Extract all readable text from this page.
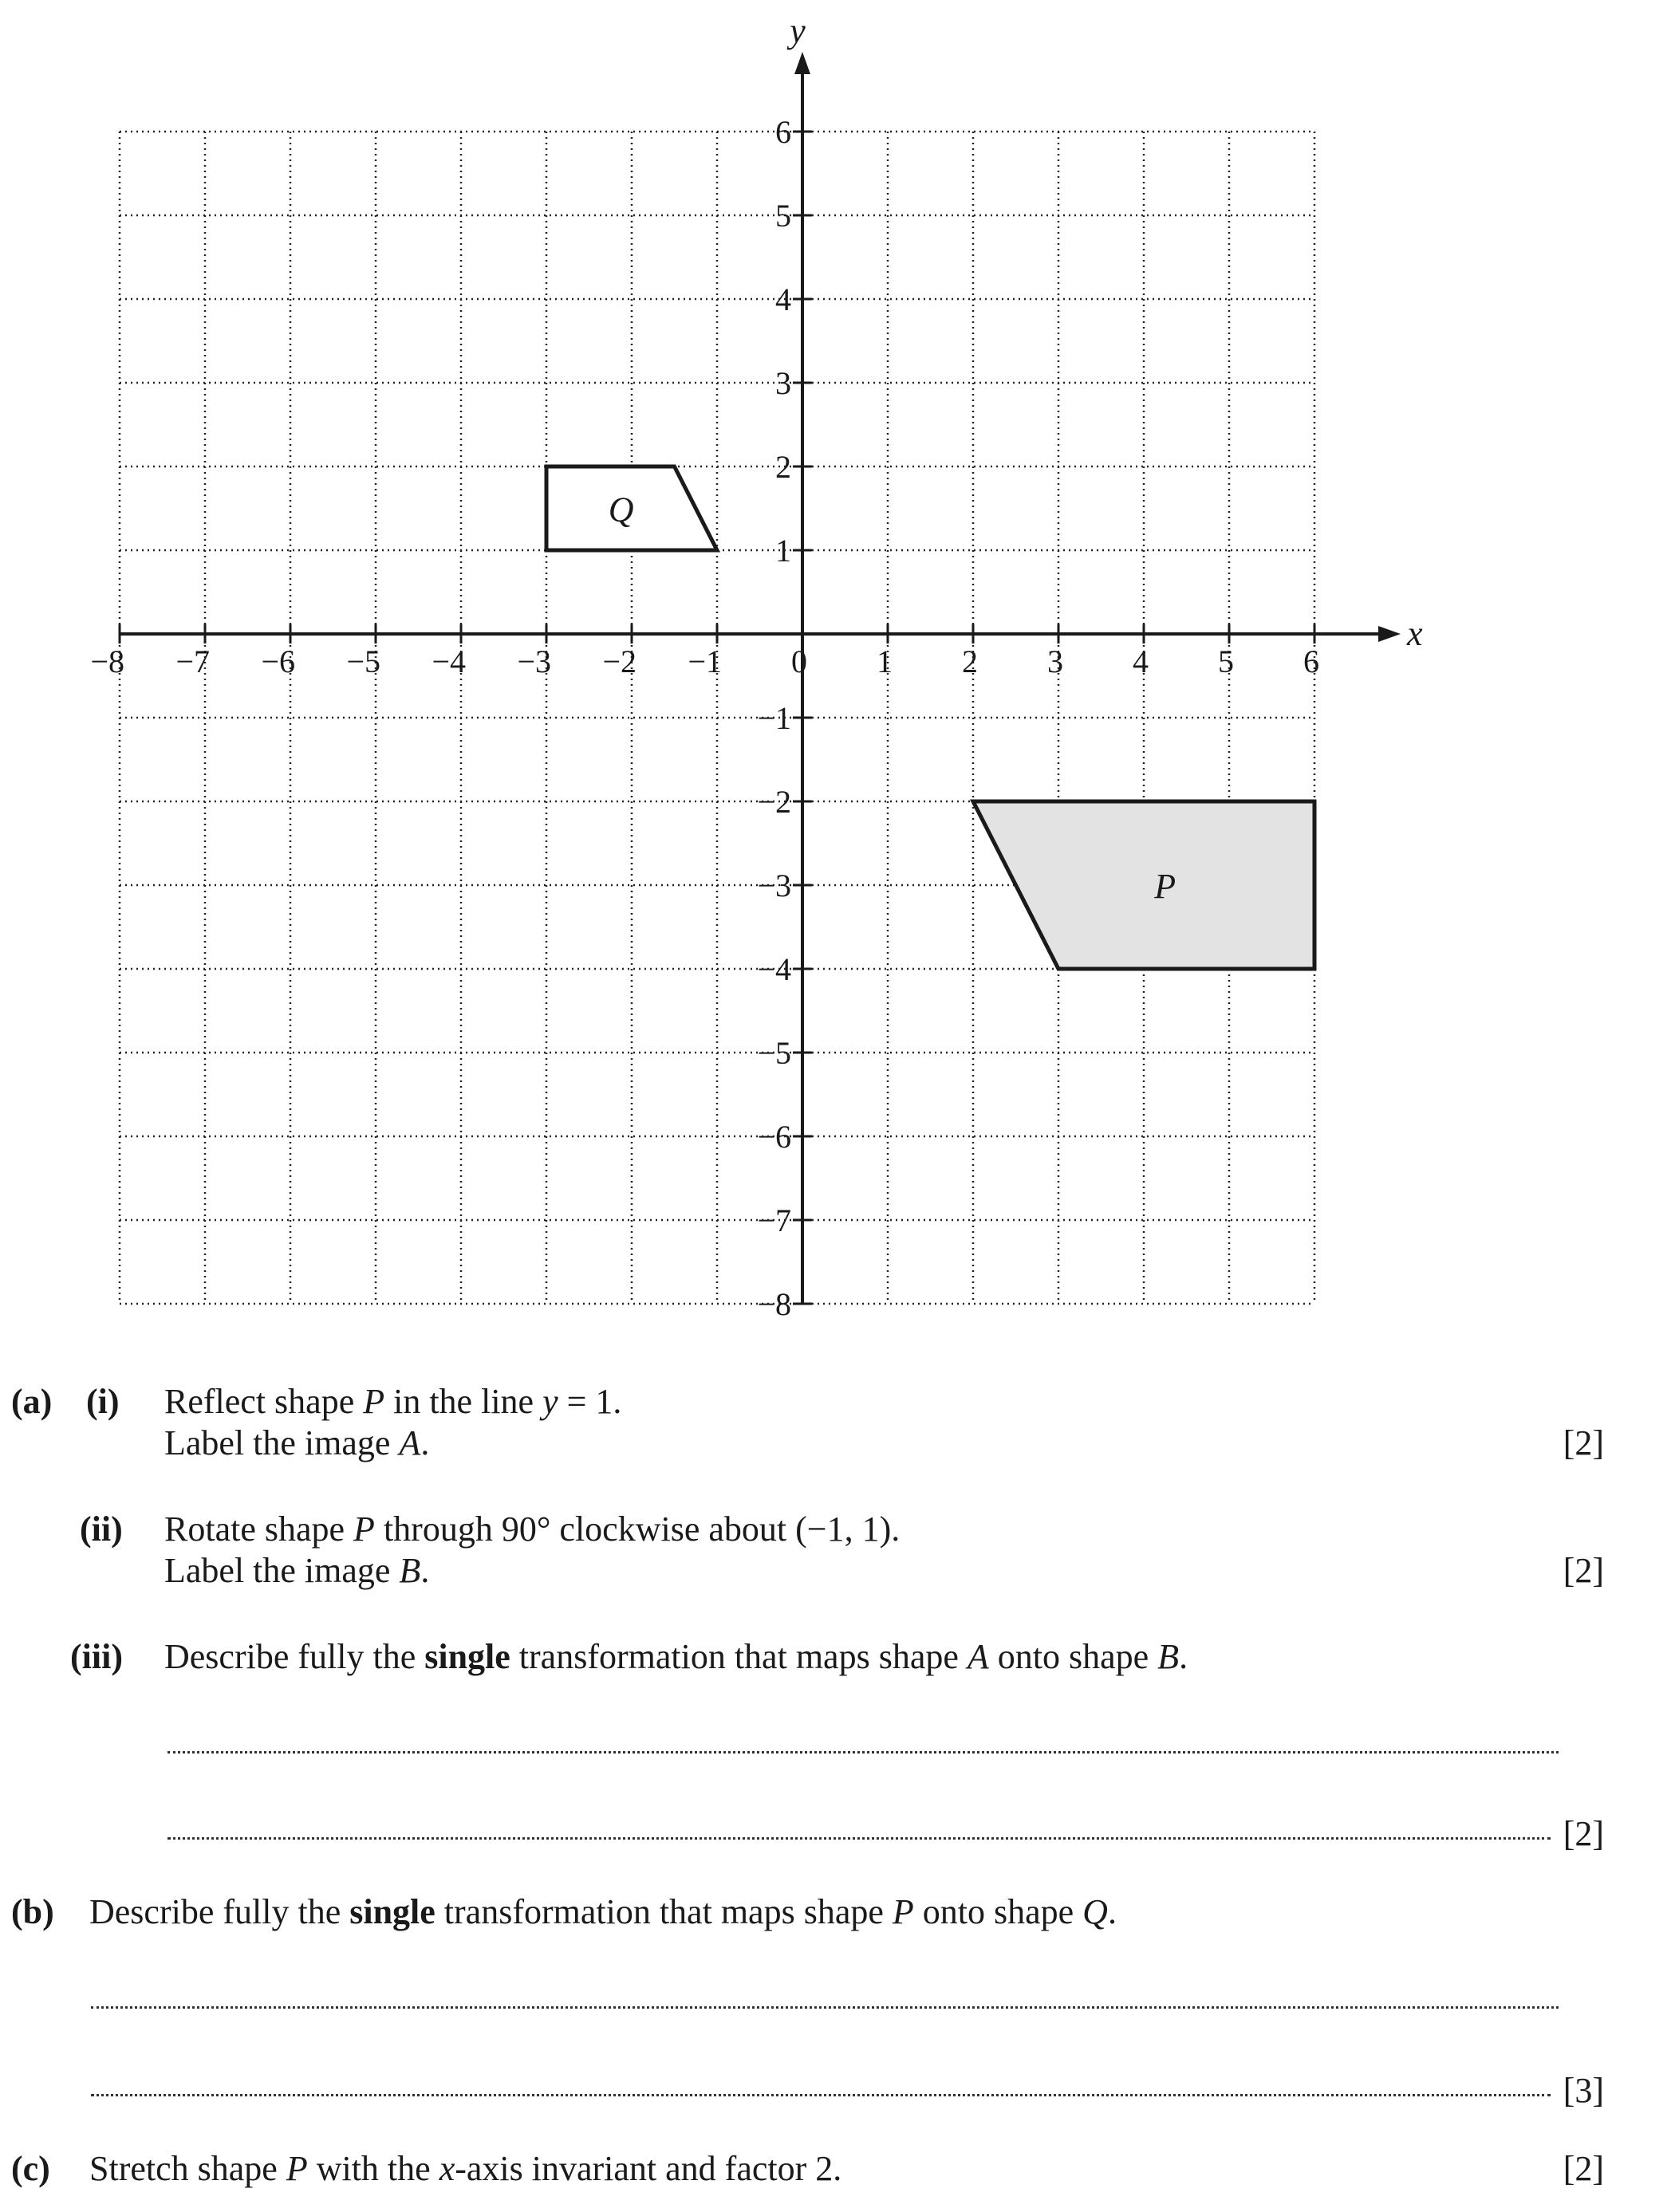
Q
P
x
y
−8 −7 −6 −5 −4 −3 −2 −1 0 1 2 3 4 5 6
6
5
4
3
2
1
−1
−2
−3
−4
−5
−6
−7
−8
(a) (i) Reflect shape P in the line y = 1.
Label the image A.	[2]
(ii) Rotate shape P through 90° clockwise about (−1, 1).
Label the image B.	[2]
(iii) Describe fully the single transformation that maps shape A onto shape B.
[2]
(b) Describe fully the single transformation that maps shape P onto shape Q.
[3]
(c) Stretch shape P with the x-axis invariant and factor 2.	[2]
